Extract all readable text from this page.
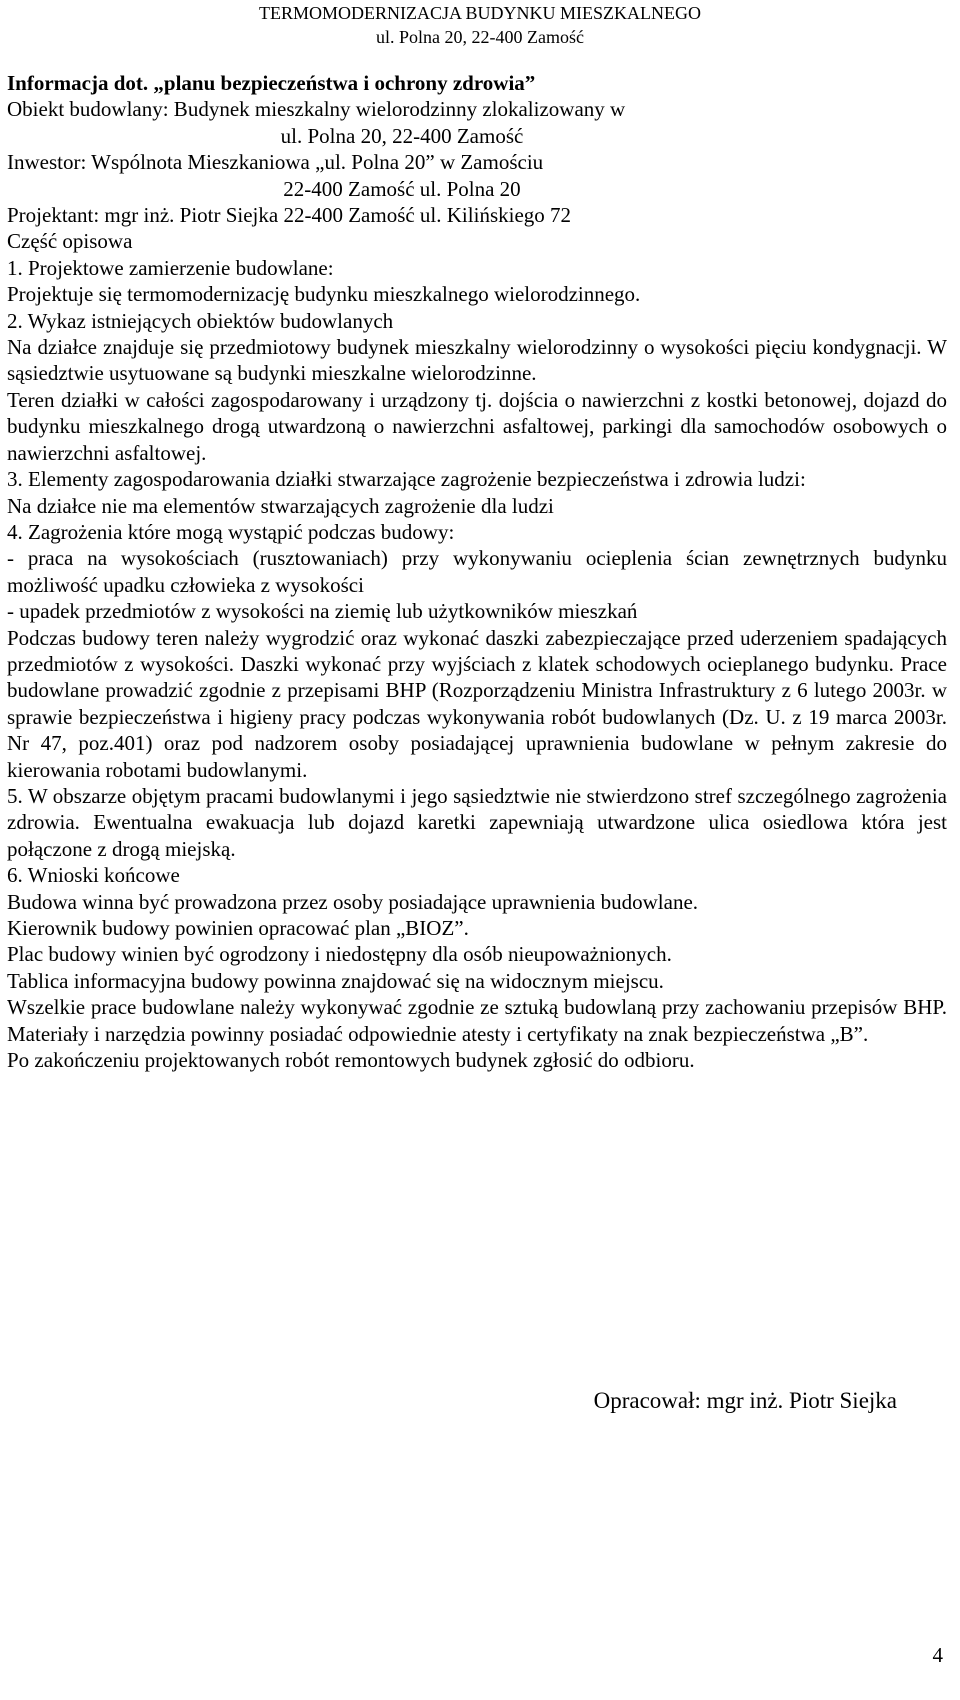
TERMOMODERNIZACJA BUDYNKU MIESZKALNEGO
ul. Polna 20, 22-400 Zamość

Informacja dot. „planu bezpieczeństwa i ochrony zdrowia”

Obiekt budowlany: Budynek mieszkalny wielorodzinny zlokalizowany w

ul. Polna 20, 22-400 Zamość

Inwestor: Wspólnota Mieszkaniowa „ul. Polna 20” w Zamościu

22-400 Zamość ul. Polna 20

Projektant: mgr inż. Piotr Siejka 22-400 Zamość ul. Kilińskiego 72

Część opisowa

1. Projektowe zamierzenie budowlane:

Projektuje się termomodernizację budynku mieszkalnego wielorodzinnego.

2. Wykaz istniejących obiektów budowlanych

Na działce znajduje się przedmiotowy budynek mieszkalny wielorodzinny o wysokości pięciu kondygnacji. W sąsiedztwie usytuowane są budynki mieszkalne wielorodzinne.

Teren działki w całości zagospodarowany i urządzony tj. dojścia o nawierzchni z kostki betonowej, dojazd do budynku mieszkalnego drogą utwardzoną o nawierzchni asfaltowej, parkingi dla samochodów osobowych o nawierzchni asfaltowej.

3. Elementy zagospodarowania działki stwarzające zagrożenie bezpieczeństwa i zdrowia ludzi:

Na działce nie ma elementów stwarzających zagrożenie dla ludzi

4. Zagrożenia które mogą wystąpić podczas budowy:

- praca na wysokościach (rusztowaniach) przy wykonywaniu ocieplenia ścian zewnętrznych budynku możliwość upadku człowieka z wysokości

- upadek przedmiotów z wysokości na ziemię lub użytkowników mieszkań

Podczas budowy teren należy wygrodzić oraz wykonać daszki zabezpieczające przed uderzeniem spadających przedmiotów z wysokości. Daszki wykonać przy wyjściach z klatek schodowych ocieplanego budynku. Prace budowlane prowadzić zgodnie z przepisami BHP (Rozporządzeniu Ministra Infrastruktury z 6 lutego 2003r. w sprawie bezpieczeństwa i higieny pracy podczas wykonywania robót budowlanych (Dz. U. z 19 marca 2003r. Nr 47, poz.401) oraz pod nadzorem osoby posiadającej uprawnienia budowlane w pełnym zakresie do kierowania robotami budowlanymi.

5. W obszarze objętym pracami budowlanymi i jego sąsiedztwie nie stwierdzono stref szczególnego zagrożenia zdrowia. Ewentualna ewakuacja lub dojazd karetki zapewniają utwardzone ulica osiedlowa która jest połączone z drogą miejską.

6. Wnioski końcowe

Budowa winna być prowadzona przez osoby posiadające uprawnienia budowlane.

Kierownik budowy powinien opracować plan „BIOZ”.

Plac budowy winien być ogrodzony i niedostępny dla osób nieupoważnionych.

Tablica informacyjna budowy powinna znajdować się na widocznym miejscu.

Wszelkie prace budowlane należy wykonywać zgodnie ze sztuką budowlaną przy zachowaniu przepisów BHP. Materiały i narzędzia powinny posiadać odpowiednie atesty i certyfikaty na znak bezpieczeństwa „B”.

Po zakończeniu projektowanych robót remontowych budynek zgłosić do odbioru.

Opracował: mgr inż. Piotr Siejka
4
